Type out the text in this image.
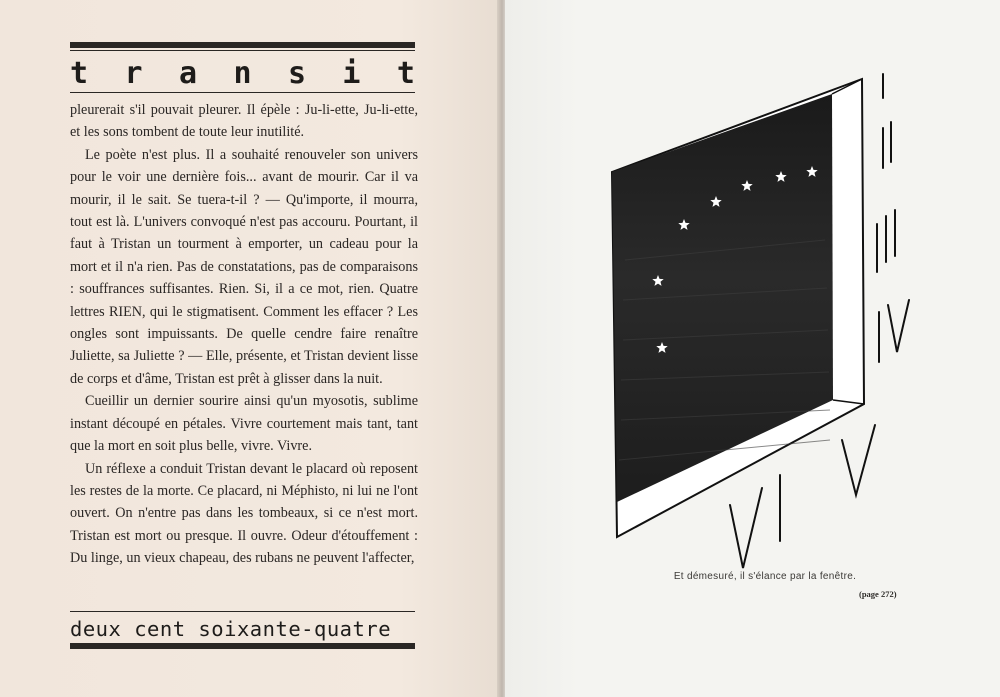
t r a n s i t

pleurerait s'il pouvait pleurer. Il épèle : Ju-li-ette, Ju-li-ette, et les sons tombent de toute leur inutilité.

Le poète n'est plus. Il a souhaité renouveler son univers pour le voir une dernière fois... avant de mourir. Car il va mourir, il le sait. Se tuera-t-il ? — Qu'importe, il mourra, tout est là. L'univers convoqué n'est pas accouru. Pourtant, il faut à Tristan un tourment à emporter, un cadeau pour la mort et il n'a rien. Pas de constatations, pas de comparaisons : souffrances suffisantes. Rien. Si, il a ce mot, rien. Quatre lettres RIEN, qui le stigmatisent. Comment les effacer ? Les ongles sont impuissants. De quelle cendre faire renaître Juliette, sa Juliette ? — Elle, présente, et Tristan devient lisse de corps et d'âme, Tristan est prêt à glisser dans la nuit.

Cueillir un dernier sourire ainsi qu'un myosotis, sublime instant découpé en pétales. Vivre courtement mais tant, tant que la mort en soit plus belle, vivre. Vivre.

Un réflexe a conduit Tristan devant le placard où reposent les restes de la morte. Ce placard, ni Méphisto, ni lui ne l'ont ouvert. On n'entre pas dans les tombeaux, si ce n'est mort. Tristan est mort ou presque. Il ouvre. Odeur d'étouffement : Du linge, un vieux chapeau, des rubans ne peuvent l'affecter,

deux cent soixante-quatre
Et démesuré, il s'élance par la fenêtre.
(page 272)
